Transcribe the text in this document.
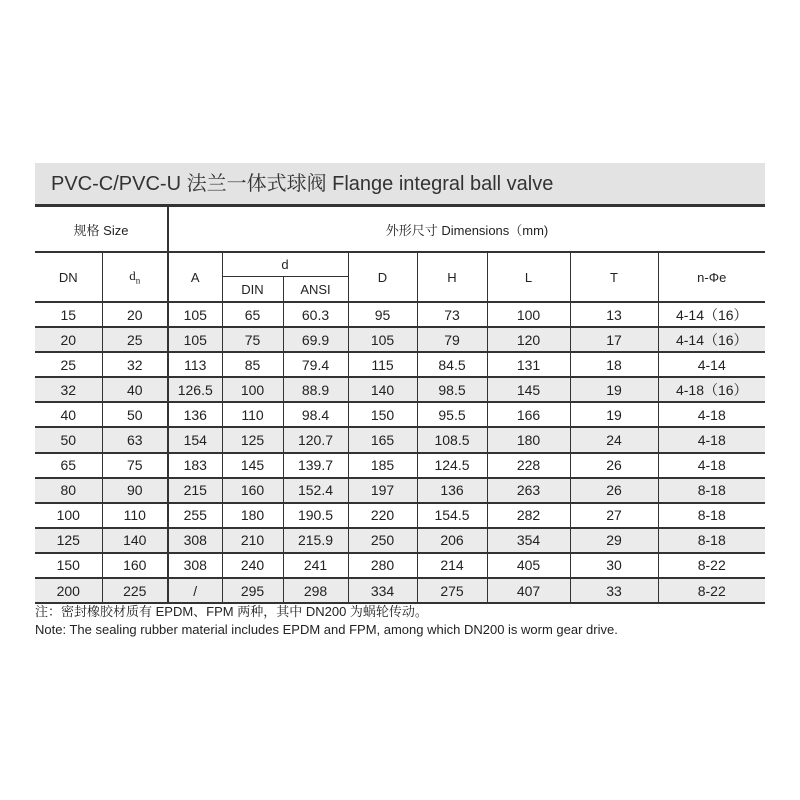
PVC-C/PVC-U 法兰一体式球阀 Flange integral ball valve
规格 Size		外形尺寸 Dimensions（mm)							
DN	$d_n$	A	d		D	H	L	T	n-Φe
			DIN	ANSI					
15	20	105	65	60.3	95	73	100	13	4-14（16）
20	25	105	75	69.9	105	79	120	17	4-14（16）
25	32	113	85	79.4	115	84.5	131	18	4-14
32	40	126.5	100	88.9	140	98.5	145	19	4-18（16）
40	50	136	110	98.4	150	95.5	166	19	4-18
50	63	154	125	120.7	165	108.5	180	24	4-18
65	75	183	145	139.7	185	124.5	228	26	4-18
80	90	215	160	152.4	197	136	263	26	8-18
100	110	255	180	190.5	220	154.5	282	27	8-18
125	140	308	210	215.9	250	206	354	29	8-18
150	160	308	240	241	280	214	405	30	8-22
200	225	/	295	298	334	275	407	33	8-22
注：密封橡胶材质有 EPDM、FPM 两种，其中 DN200 为蜗轮传动。
Note: The sealing rubber material includes EPDM and FPM, among which DN200 is worm gear drive.
